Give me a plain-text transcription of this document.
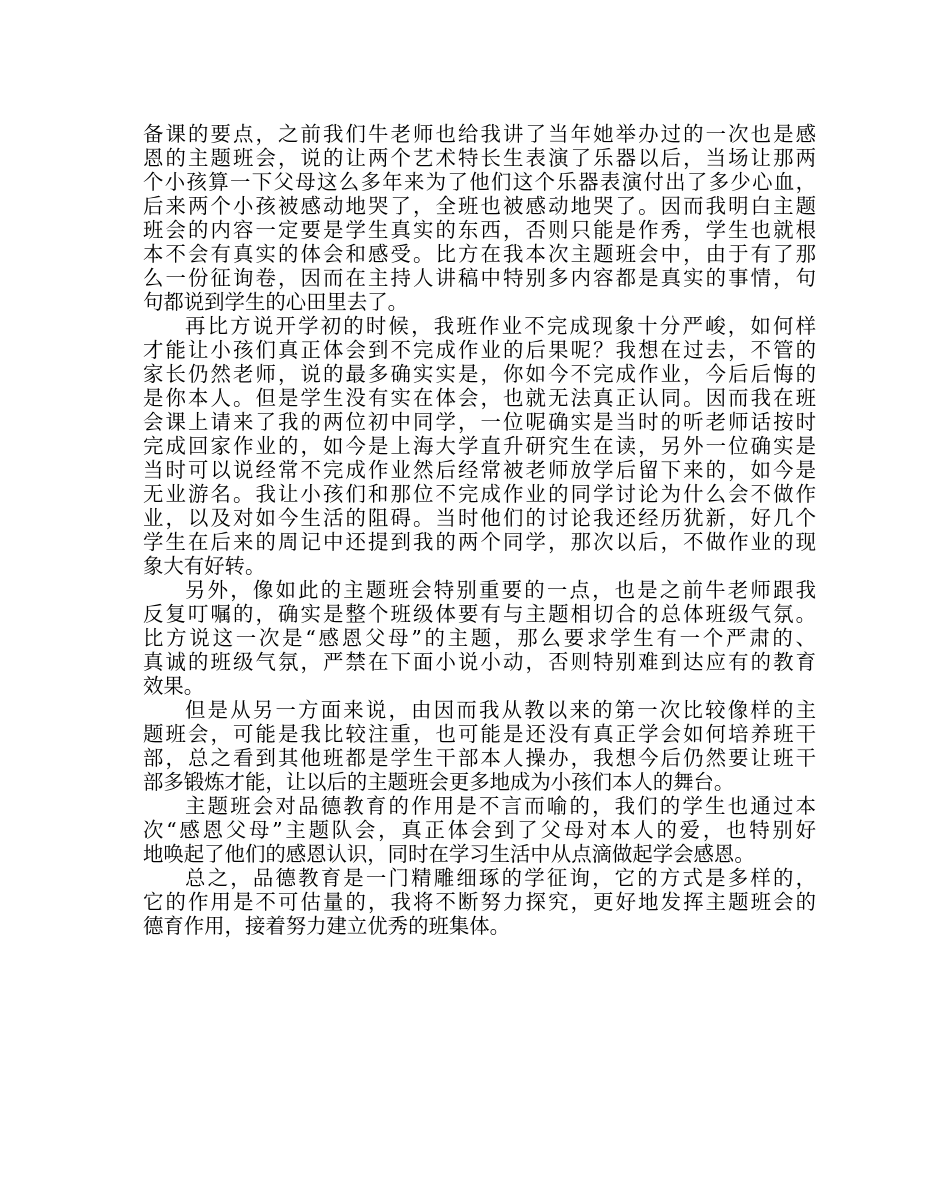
备课的要点，之前我们牛老师也给我讲了当年她举办过的一次也是感
恩的主题班会，说的让两个艺术特长生表演了乐器以后，当场让那两
个小孩算一下父母这么多年来为了他们这个乐器表演付出了多少心血，
后来两个小孩被感动地哭了，全班也被感动地哭了。因而我明白主题
班会的内容一定要是学生真实的东西，否则只能是作秀，学生也就根
本不会有真实的体会和感受。比方在我本次主题班会中，由于有了那
么一份征询卷，因而在主持人讲稿中特别多内容都是真实的事情，句
句都说到学生的心田里去了。
再比方说开学初的时候，我班作业不完成现象十分严峻，如何样
才能让小孩们真正体会到不完成作业的后果呢？我想在过去，不管的
家长仍然老师，说的最多确实实是，你如今不完成作业，今后后悔的
是你本人。但是学生没有实在体会，也就无法真正认同。因而我在班
会课上请来了我的两位初中同学，一位呢确实是当时的听老师话按时
完成回家作业的，如今是上海大学直升研究生在读，另外一位确实是
当时可以说经常不完成作业然后经常被老师放学后留下来的，如今是
无业游名。我让小孩们和那位不完成作业的同学讨论为什么会不做作
业，以及对如今生活的阻碍。当时他们的讨论我还经历犹新，好几个
学生在后来的周记中还提到我的两个同学，那次以后，不做作业的现
象大有好转。
另外，像如此的主题班会特别重要的一点，也是之前牛老师跟我
反复叮嘱的，确实是整个班级体要有与主题相切合的总体班级气氛。
比方说这一次是“感恩父母”的主题，那么要求学生有一个严肃的、
真诚的班级气氛，严禁在下面小说小动，否则特别难到达应有的教育
效果。
但是从另一方面来说，由因而我从教以来的第一次比较像样的主
题班会，可能是我比较注重，也可能是还没有真正学会如何培养班干
部，总之看到其他班都是学生干部本人操办，我想今后仍然要让班干
部多锻炼才能，让以后的主题班会更多地成为小孩们本人的舞台。
主题班会对品德教育的作用是不言而喻的，我们的学生也通过本
次“感恩父母”主题队会，真正体会到了父母对本人的爱，也特别好
地唤起了他们的感恩认识，同时在学习生活中从点滴做起学会感恩。
总之，品德教育是一门精雕细琢的学征询，它的方式是多样的，
它的作用是不可估量的，我将不断努力探究，更好地发挥主题班会的
德育作用，接着努力建立优秀的班集体。
